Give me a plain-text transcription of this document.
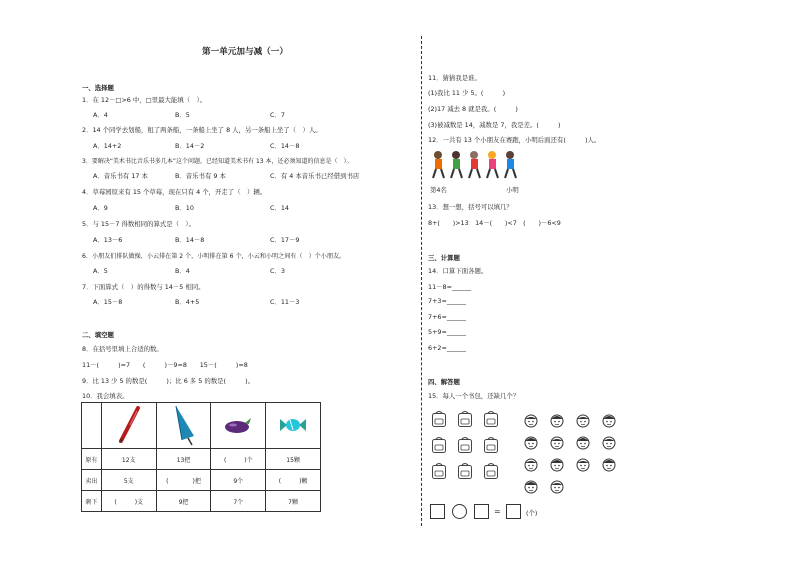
第一单元加与减（一）
一、选择题
1．在 12－□>6 中，□里最大能填（　）。
A．4	B．5	C．7
2．14 个同学去划船，租了两条船，一条船上坐了 8 人，另一条船上坐了（　）人。
A．14+2	B．14－2	C．14－8
3．要解决“美术书比音乐书多几本”这个问题，已经知道美术书有 13 本，还必须知道的信息是（　）。
A．音乐书有 17 本	B．音乐书有 9 本	C．有 4 本音乐书已经借到书店
4．草莓园原来有 15 个草莓，现在只有 4 个，开走了（　）辆。
A．9	B．10	C．14
5．与 15－7 得数相同的算式是（　）。
A．13－6	B．14－8	C．17－9
6．小朋友们排队做操，小云排在第 2 个，小明排在第 6 个，小云和小明之间有（　）个小朋友。
A．5	B．4	C．3
7．下面算式（　）的得数与 14－5 相同。
A．15－8	B．4+5	C．11－3
二、填空题
8．在括号里填上合适的数。
11－(　　　)=7　　(　　　)－9=8　　15－(　　　)=8
9．比 13 少 5 的数是(　　　)；比 6 多 5 的数是(　　　)。
10．我会填表。

原有	12支	13把	(　　　)个	15颗
卖出	5支	(　　　　)把	9个	(　　　)颗
剩下	(　　　)支	9把	7个	7颗
11．猜猜我是谁。
(1)我比 11 少 5。(　　　)
(2)17 减去 8 就是我。(　　　)
(3)被减数是 14，减数是 7，我是差。(　　　)
12．一共有 13 个小朋友在赛跑，小明后面还有(　　　)人。
第4名	小明
13．想一想，括号可以填几？
8+(　　)>13　14－(　　)<7　(　　)－6<9
三、计算题
14．口算下面各题。
11－8=______
7+3=______
7+6=______
5+9=______
6+2=______
四、解答题
15．每人一个书包，还缺几个？
=	(个)
